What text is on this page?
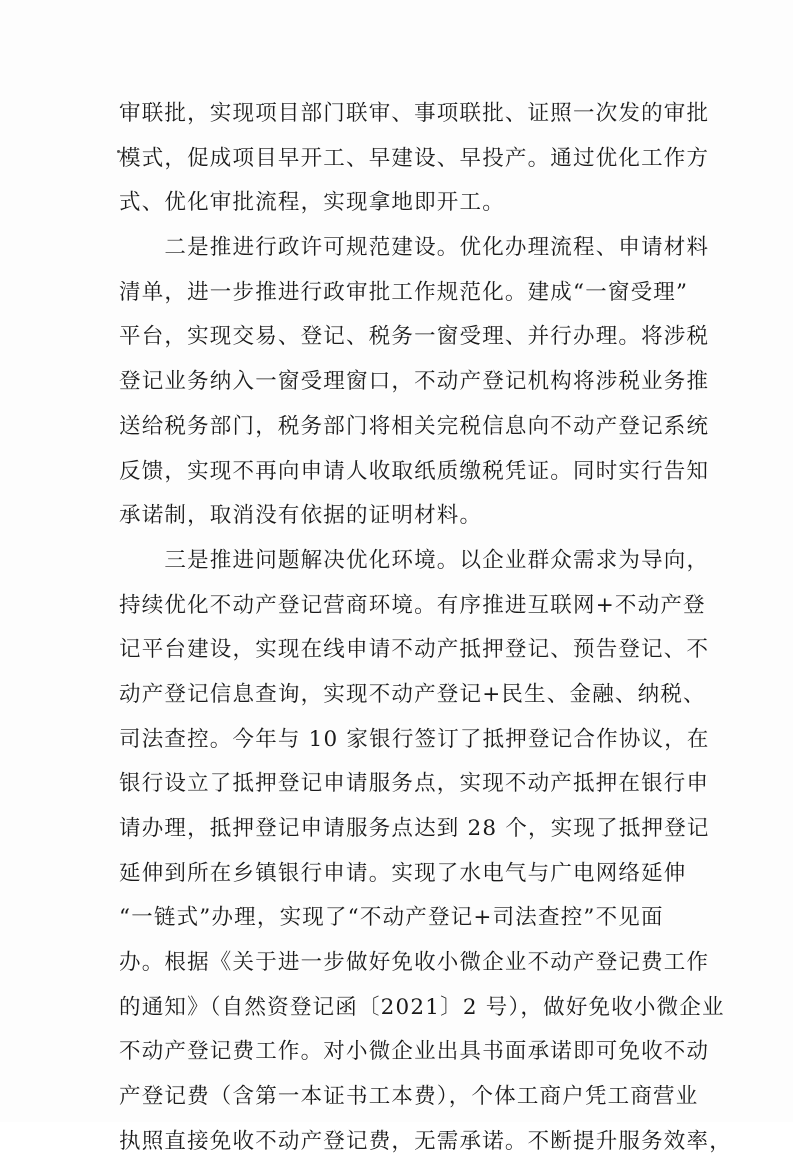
审联批，实现项目部门联审、事项联批、证照一次发的审批
模式，促成项目早开工、早建设、早投产。通过优化工作方
式、优化审批流程，实现拿地即开工。
　　二是推进行政许可规范建设。优化办理流程、申请材料
清单，进一步推进行政审批工作规范化。建成“一窗受理”
平台，实现交易、登记、税务一窗受理、并行办理。将涉税
登记业务纳入一窗受理窗口，不动产登记机构将涉税业务推
送给税务部门，税务部门将相关完税信息向不动产登记系统
反馈，实现不再向申请人收取纸质缴税凭证。同时实行告知
承诺制，取消没有依据的证明材料。
　　三是推进问题解决优化环境。以企业群众需求为导向，
持续优化不动产登记营商环境。有序推进互联网+不动产登
记平台建设，实现在线申请不动产抵押登记、预告登记、不
动产登记信息查询，实现不动产登记+民生、金融、纳税、
司法查控。今年与 10 家银行签订了抵押登记合作协议，在
银行设立了抵押登记申请服务点，实现不动产抵押在银行申
请办理，抵押登记申请服务点达到 28 个，实现了抵押登记
延伸到所在乡镇银行申请。实现了水电气与广电网络延伸
“一链式”办理，实现了“不动产登记+司法查控”不见面
办。根据《关于进一步做好免收小微企业不动产登记费工作
的通知》（自然资登记函〔2021〕2 号），做好免收小微企业
不动产登记费工作。对小微企业出具书面承诺即可免收不动
产登记费（含第一本证书工本费），个体工商户凭工商营业
执照直接免收不动产登记费，无需承诺。不断提升服务效率，
